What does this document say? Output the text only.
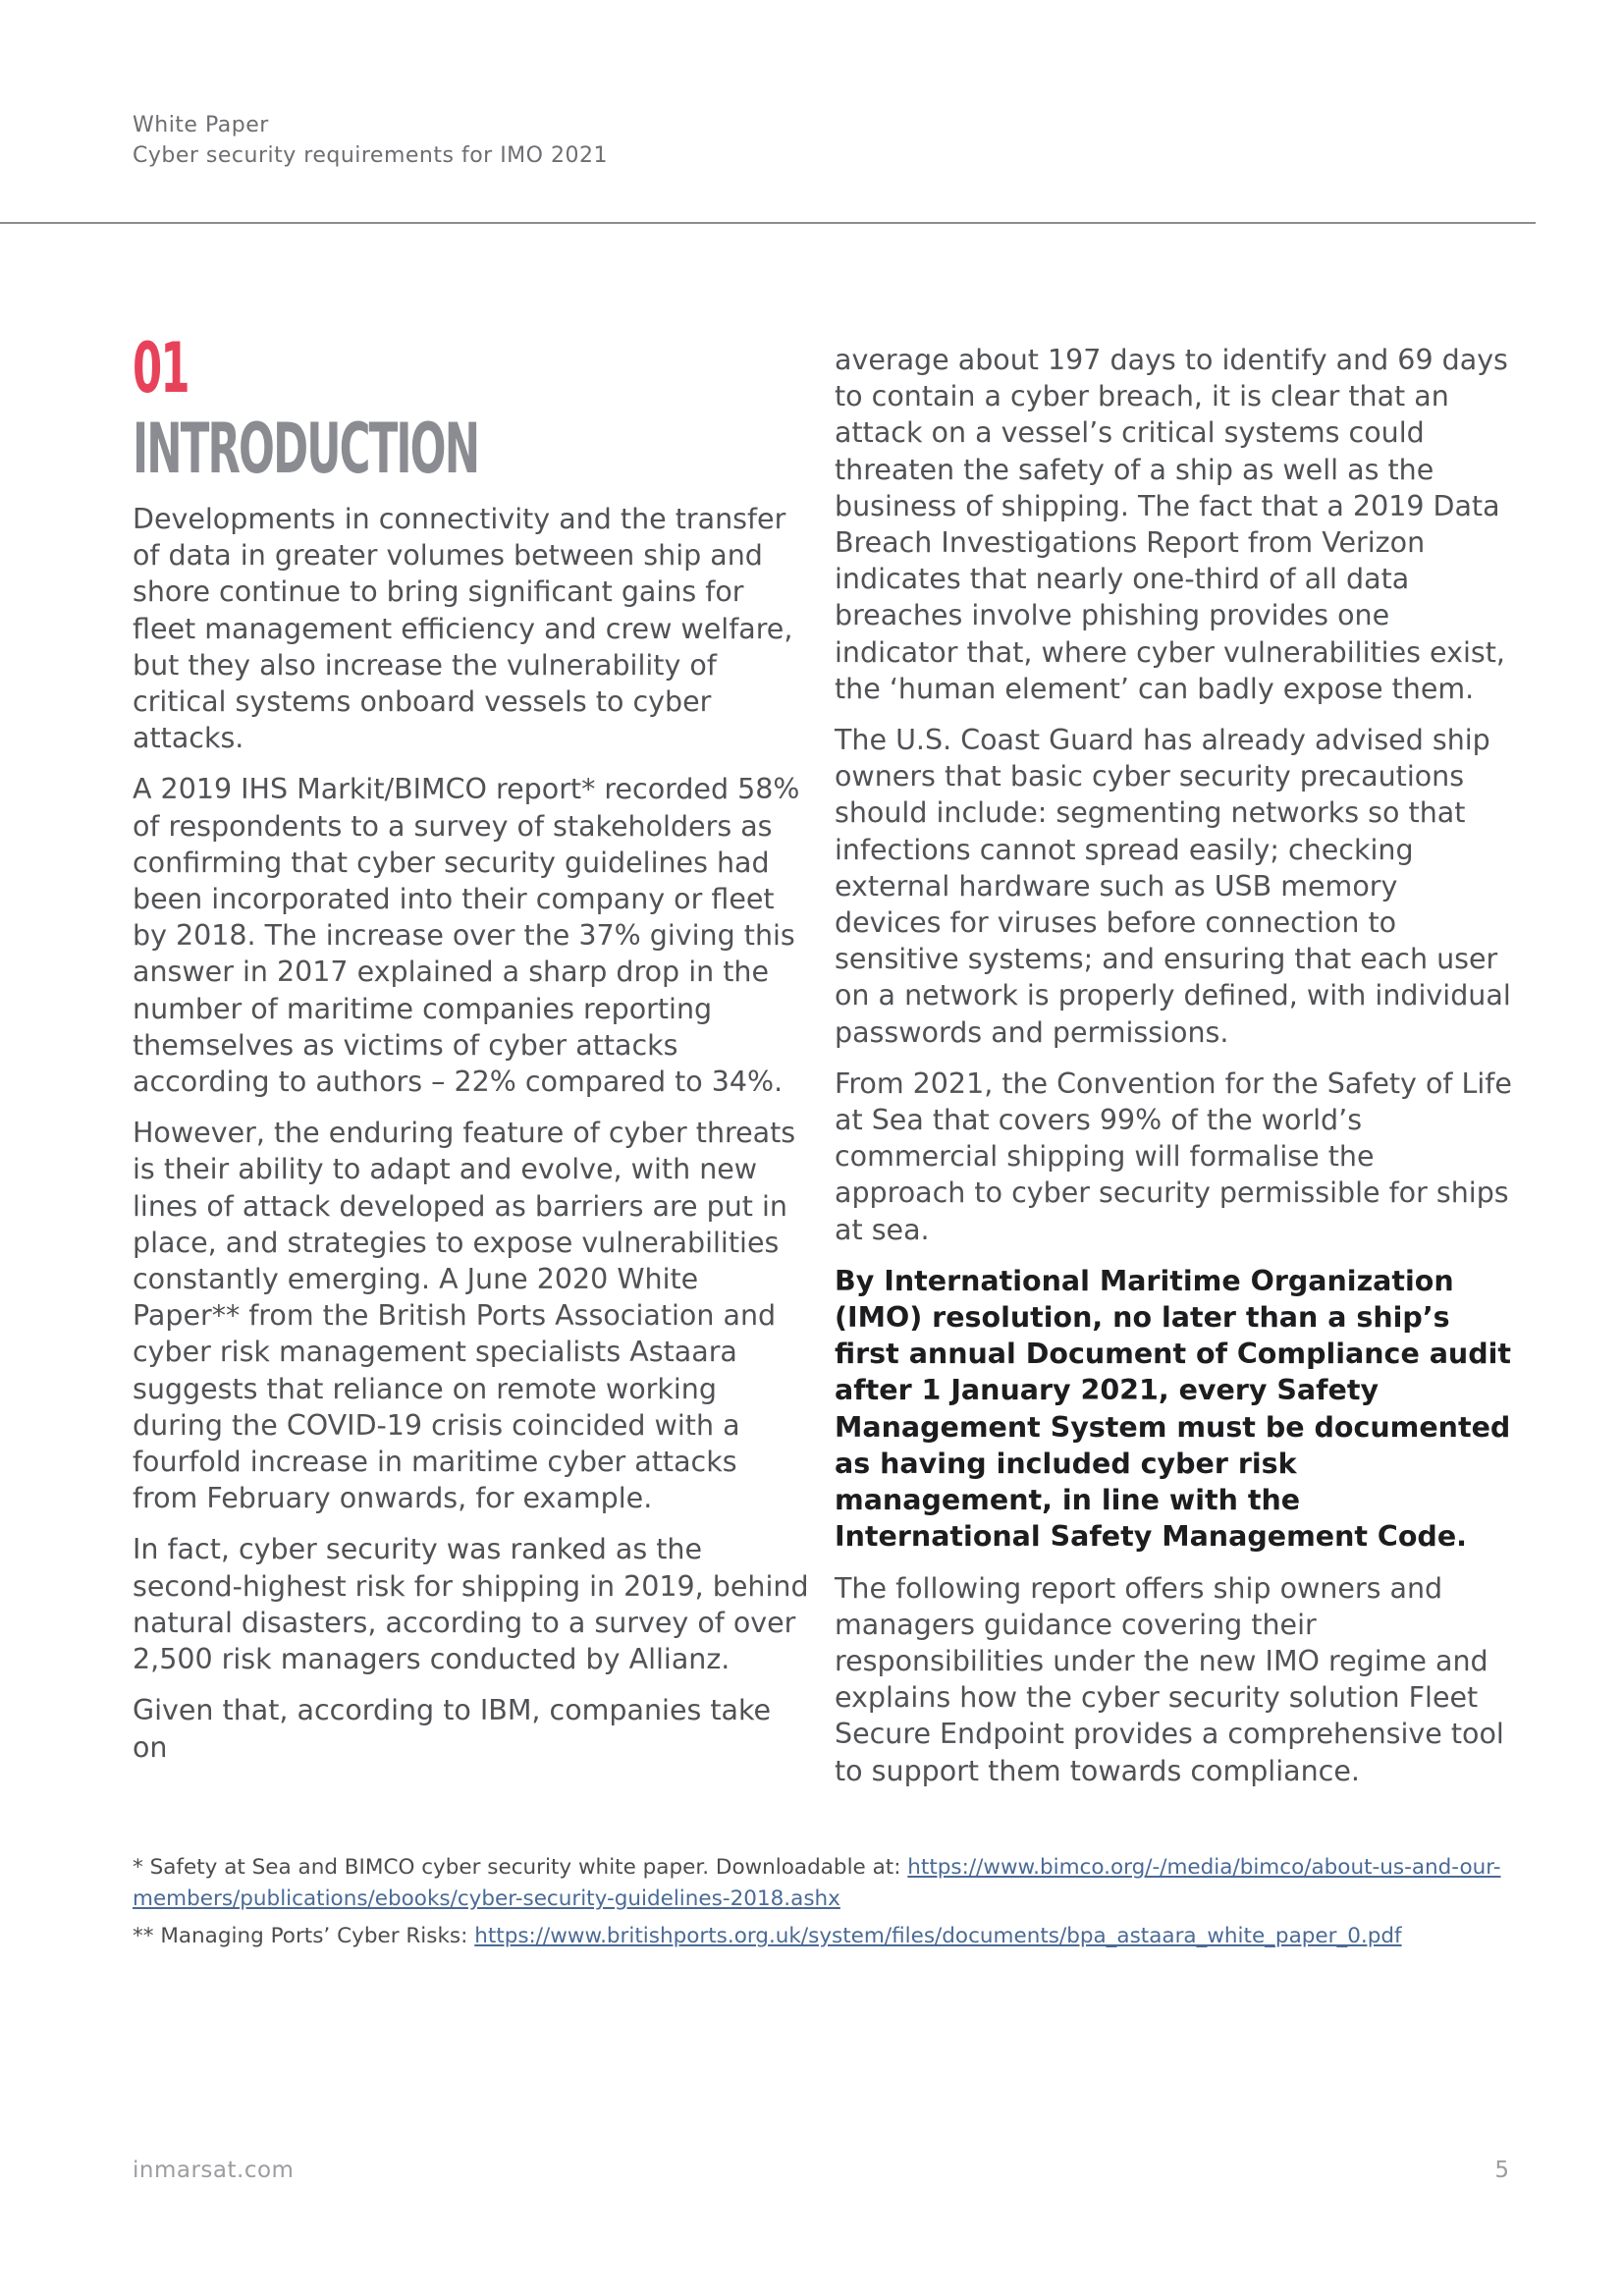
White Paper
Cyber security requirements for IMO 2021
01
INTRODUCTION

Developments in connectivity and the transfer of data in greater volumes between ship and shore continue to bring significant gains for fleet management efficiency and crew welfare, but they also increase the vulnerability of critical systems onboard vessels to cyber attacks.

A 2019 IHS Markit/BIMCO report* recorded 58% of respondents to a survey of stakeholders as confirming that cyber security guidelines had been incorporated into their company or fleet by 2018. The increase over the 37% giving this answer in 2017 explained a sharp drop in the number of maritime companies reporting themselves as victims of cyber attacks according to authors – 22% compared to 34%.

However, the enduring feature of cyber threats is their ability to adapt and evolve, with new lines of attack developed as barriers are put in place, and strategies to expose vulnerabilities constantly emerging. A June 2020 White Paper** from the British Ports Association and cyber risk management specialists Astaara suggests that reliance on remote working during the COVID-19 crisis coincided with a fourfold increase in maritime cyber attacks from February onwards, for example.

In fact, cyber security was ranked as the second-highest risk for shipping in 2019, behind natural disasters, according to a survey of over 2,500 risk managers conducted by Allianz.

Given that, according to IBM, companies take on

average about 197 days to identify and 69 days to contain a cyber breach, it is clear that an attack on a vessel’s critical systems could threaten the safety of a ship as well as the business of shipping. The fact that a 2019 Data Breach Investigations Report from Verizon indicates that nearly one-third of all data breaches involve phishing provides one indicator that, where cyber vulnerabilities exist, the ‘human element’ can badly expose them.

The U.S. Coast Guard has already advised ship owners that basic cyber security precautions should include: segmenting networks so that infections cannot spread easily; checking external hardware such as USB memory devices for viruses before connection to sensitive systems; and ensuring that each user on a network is properly defined, with individual passwords and permissions.

From 2021, the Convention for the Safety of Life at Sea that covers 99% of the world’s commercial shipping will formalise the approach to cyber security permissible for ships at sea.

By International Maritime Organization (IMO) resolution, no later than a ship’s first annual Document of Compliance audit after 1 January 2021, every Safety Management System must be documented as having included cyber risk management, in line with the International Safety Management Code.

The following report offers ship owners and managers guidance covering their responsibilities under the new IMO regime and explains how the cyber security solution Fleet Secure Endpoint provides a comprehensive tool to support them towards compliance.

* Safety at Sea and BIMCO cyber security white paper. Downloadable at: https://www.bimco.org/-/media/bimco/about-us-and-our-members/publications/ebooks/cyber-security-guidelines-2018.ashx

** Managing Ports’ Cyber Risks: https://www.britishports.org.uk/system/files/documents/bpa_astaara_white_paper_0.pdf

inmarsat.com	5
